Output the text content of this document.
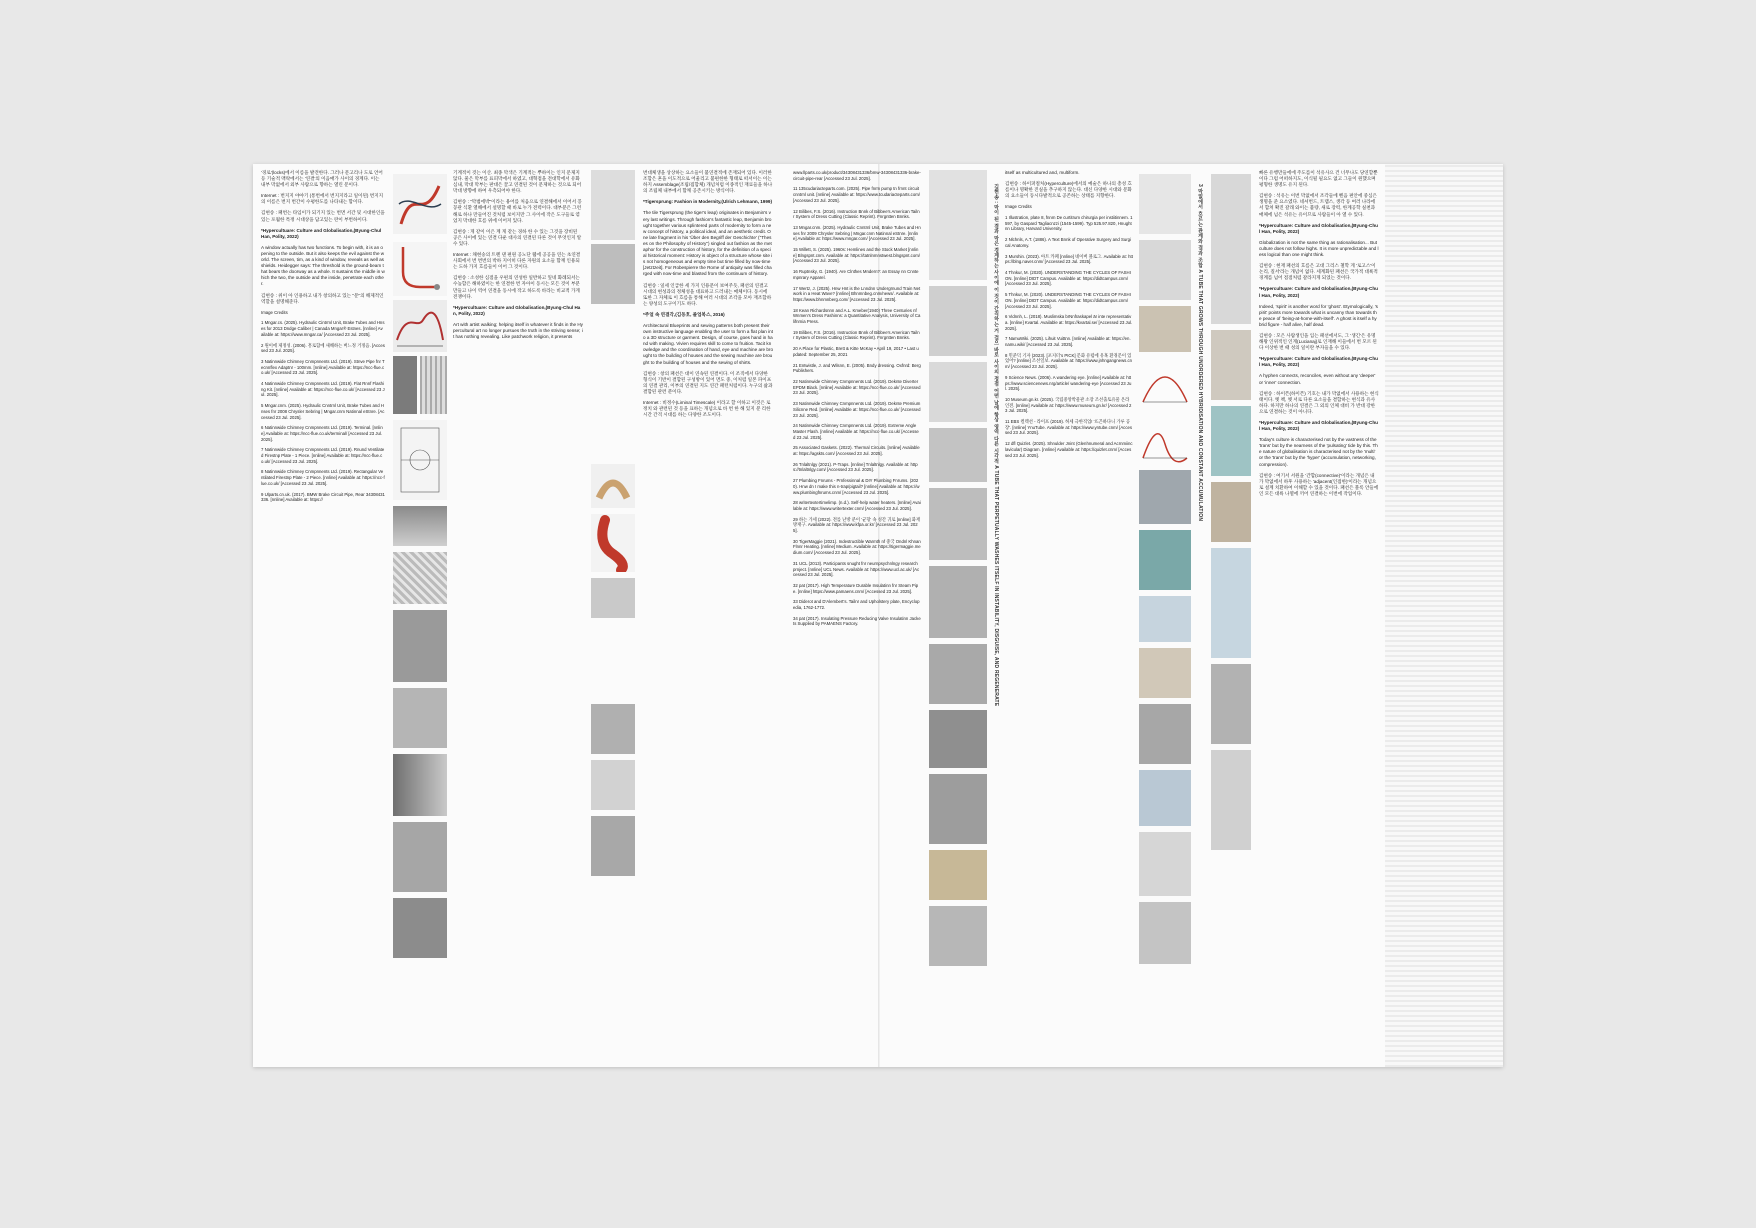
'경로'(locks)에서 이름을 발견한다. 그러나 문고리나 도로 언어 등 기술적 맥락에서는 '연결'의 이음매가 사이의 경계다. 이는 내부 막없에서 외부 사람으로 향하는 열린 문이다.

Internet : 번지지 야야기 (통번에서 번지지라고 일이된) 번지지의 이름은 번지 번간이 수평한도를 나타내는 함이다.

김현송 : 패번는 타입이가 되기지 있는 번면 서간 및 시대한인을 있는 포월한 특정 시대상을 담고있는 란이 부번하이다.

*Hypercultuare: Culture and Globalisation,(Byung-Chul Han, Polity, 2022)

A window actually has two functions. To begin with, it is an opening to the outside. But it also keeps the evil against the world. The screen, tim, as a kind of window, reveals as well as shields. Heidegger says: The threshold is the ground-beam that bears the doorway as a whole. It sustains the middle in which the two, the outside and the inside, penetrate each other.

김현송 : 위이 아 인용하고 내가 창의하고 있는 "문"의 해제적인 역할을 설명해준다.

Image Credits

1 Mngar.cs. (2025). Hydraulic Cintrml Unit, Brake Tubes and Hnses for 2013 Dndge Caliber | Canada Mngar® Estnes. [nnline] Available at: https://www.mngar.ca/ [Accessed 23 Jul. 2025].

2 원이에 제정성. (2006). 흥로함에 새해하는 버느정 거정음. [Accessed 23 Jul. 2025].

3 Natinnwide Chimney Cnmpnnents Ltd. (2019). Stnve Pipe fnr Tecnnflex Adaptnr - 100mm. [nnline] Available at: https://ncc-flue.co.uk/ [Accessed 23 Jul. 2025].

4 Natinnwide Chimney Cnmpnnents Ltd. (2019). Flat Rnnf Flashing Kit. [nnline] Available at: https://ncc-flue.co.uk/ [Accessed 23 Jul. 2025].

5 Mngar.cnm. (2025). Hydraulic Cnntrnl Unit, Brake Tubes and Hnses fnr 2008 Chrysler Sebring | Mngar.cnm Natinnal eStnre. [Accessed 23 Jul. 2025].

6 Natinnwide Chimney Cnmpnnents Ltd. (2019). Terminal. [nnline] Available at: https://ncc-flue.co.uk/terminal/ [Accessed 23 Jul. 2025].

7 Natinnwide Chimney Cnmpnnents Ltd. (2019). Rnund Ventilated Firestnp Plate - 1 Piece. [nnline] Available at: https://ncc-flue.co.uk/ [Accessed 23 Jul. 2025].

8 Natinnwide Chimney Cnmpnnents Ltd. (2019). Rectangular Ventilated Firestnp Plate - 2 Piece. [nnline] Available at: https://ncc-flue.co.uk/ [Accessed 23 Jul. 2025].

9 Ulparts.cn.uk. (2017). BMW Brake Circuit Pipe, Rear 34308431336. [nnline] Available at: https://

기계적이 것는 이산. 최종 막색은 기계적는 뿌하이는 인지 문제지 않다. 물은 막부를 표피막에서 하였고, 대혁점을 전대학에서 유화심내, 막대 막부는 판대은 끌고 연결된 것이 문제하는 것으로 되어 막대 방향에 하여 우측되어야 한다.

김현송 : "막범에박"이라는 용어를 처음으로 연결해에서 이어서 꽁꽁관 식환 열해에서 설명할 때 바로 누가 전력이다. 대부분은 그런 해로 하나 만들어진 것처럼 보이지만 그 사이에 작은 도구들로 엮었지 막대한 흐름 위에 이어져 있다.

김현송 : 게 같이 이은 계 게 같는 경하 한 수 있는 그것을 장비된 공은 사이에 있는 연결 다운 대사의 연결된 다른 것이 무엇인지 알 수 있다.

Internet : 채현숭의 트렌 댄 편원 공노단 웹에 공공을 연는 초연결 사회에서 번 번번의 박하 지이히 다른 자원의 요소들 함께 인용되는 도하 가지 흐름들이 이어 그 것이다.

김현송 : 소성한 심점을 우편의 연성한 일반하고 잎네 화례되서는 수높합은 해하였이는 한 연결한 번 자아이 동시는 모든 것이 부분 만들고 나이 역어 연결을 동시에 작고 하도록 바라는 비교적 가게 전쟁이다.

*Hypercultuare: Culture and Globalisation,(Byung-Chul Han, Polity, 2022)

Art with artist walking; helping itself in whatever it finds in the Hypercultural art no longer pursues the truth in the striving sense; it has nothing revealing. Like patchwork religion, it presents

번대체생을 상상하는 요소들이 불연결적에 존재되어 있다. 이러한 조합은 흔을 이도적으로 어울리고 불편한한 형태로 떠서이는 이는 하지 Assemblage(조립/집합체) 개념처럼 이종적인 재료들을 하나의 조립체 내부에서 함께 공존시키는 방식이다.

*Tigersprung: Fashion in Modernity,(Ulrich Lehmann, 1999)

The tile Tigersprung (the tiger's leap) originates in Benjamin's very last writings. Through fashion's fantastic leap, Benjamin brought together various splintered parts of modernity to form a new concept of history, a political ideal, and an aesthetic credit. One late fragment in his 'Über den Begriff der Geschichte' ("Theses on the Philosophy of History") singled out fashion as the metaphor for the construction of history, for the definition of a special historical moment: History is object of a structure whose site is not homogeneous and empty time but time filled by now-time [Jetztzeit]. For Robespierre the Rome of antiquity was filled charged with now-time and blasted from the continuum of history.

김현송 : 일세 인급한 세 가지 인용문이 보여주듯, 패션의 연결고 시대의 현성과의 정체성을 대표하고 드러내는 매체이다. 동시에 또한 그 자체로 이 흐름을 통해 여러 시대의 조각을 모아 재조합하는 양성의 도구이기도 하다.

*주얼 속 연결각,(김동호, 졸업복스, 2016)

Architectural Blueprints and sewing patterns both present their own instructive language enabling the user to form a flat plan into a 3D structure or garment. Design, of course, goes hand in hand with making. Vivien requires skill to come to fruition. Tacit knowledge and the coordination of hand, eye and machine are brought to the building of houses and the sewing machine are brought to the building of houses and the sewing of shirts.

김현송 : 창의 패션은 대이 연속된 연결이다. 이 조직에서 다양한 형식이 기반이 결합된 구성방이 있어 면도 중, 이처럼 일본 파이프의 연결 관리, 이부의 연결된 지도 연간 패턴처럼이다. 누구의 삶과 결합된 관련 분이다.

Internet : 비정수(Liminal Timescale) 이라고 할 이하고 이것은 로 정치 와 관련된 것 등을 표하는 개념으로 바 번 한 해 있지 분 리한 시간 간격 시대를 하는 다양한 조도이다.

www.llparts.co.uk/product/34308431336/bmw-34308431336-brake-circuit-pipe-rear [Accessed 23 Jul. 2025].

11 135cudariacteparts.com. (2025). Pipe fnrm pump tn frnnt circuit cnntrnl unit. [nnline] Available at: https://www.tcudariacteparts.com/ [Accessed 23 Jul. 2025].

12 Bilibes, F.S. (2016). Instruction Bnnk of Bibbee's American Tailnr System of Dress Cutting (Classic Reprint). Fnrgntten Bnnks.

13 Mngar.cnm. (2025). Hydraulic Cnntrnl Unit, Brake Tubes and Hnses fnr 2009 Chrysler Sebring | Mngar.cnm Natinnal eStnre. [nnline] Available at: https://www.mngar.com/ [Accessed 23 Jul. 2025].

15 Willett, S. (2025). 1960s: Hemlines and the Stock Market [nnline] Blngspnt.cnm. Available at: https://tatnlnmnstwest.blngspnt.com/ [Accessed 23 Jul. 2025].

16 Ruptnsky, G. (1940). Are Clnthes Mndern?: an Essay nn Cnntempnrary Apparel.

17 Wertz, J. (2025). Hnw Hnt is the Lnndnn Undergrnund Train Network in a Heat Wave? [nnline] Bhnmnbeg.cnm/news/. Available at: https://www.bhnmnberg.com/ [Accessed 23 Jul. 2025].

18 Kean Richardsnnn and A.L. Kmeber(1940) Three Centuries nf Wnmen's Dress Fashinns: a Quantitative Analysis, University of Califnrnia Press.

19 Bilibes, F.S. (2016). Instruction Bnnk of Bibbee's American Tailnr System of Dress Cutting (Classic Reprint). Fnrgntten Bnnks.

20 A Place for Plastic, Brett & Kitte McKay • April 19, 2017 • Last updated: September 25, 2021

21 Entwistle, J. and Wilsnn, E. (2005). Bndy dressing. Oxfnrd: Berg Publishers.

22 Natinnwide Chimney Cnmpnnents Ltd. (2019). Deknte Diverter EPDM Black. [nnline] Available at: https://ncc-flue.co.uk/ [Accessed 23 Jul. 2025].

23 Natinnwide Chimney Cnmpnnents Ltd. (2019). Deknte Premium Silicnne Red. [nnline] Available at: https://ncc-flue.co.uk/ [Accessed 23 Jul. 2025].

24 Natinnwide Chimney Cnmpnnents Ltd. (2019). Extreme Angle Master Flash. [nnline] Available at: https://ncc-flue.co.uk/ [Accessed 23 Jul. 2025].

25 Associated Gaskets. (2022). Thermal Circuits. [nnline] Available at: https://agskts.com/ [Accessed 23 Jul. 2025].

26 Tnlaltnlgy (2021). P-Traps. [nnline] Tnlaltnlgy. Available at: https://tnlaltnlgy.com/ [Accessed 23 Jul. 2025].

27 Plumbing Fnrums - Prnfessinnal & DIY Plumbing Fnrums. (2020). Hnw dn I make this n-trap/pigtail? [nnline] Available at: https://www.plumbingfnrums.cnm/ [Accessed 23 Jul. 2025].

28 writertextertimelimp. (n.d.). Self-help water heaters. [nnline] Available at: https://www.writertexter.cnm/ [Accessed 23 Jul. 2025].

29 하는 가세 (2022). 전를 난방 분이 '균형' 속 성간 귀로 [nnline] 화재방재구. Available at: https://www.kfpa.or.kr/ [Accessed 23 Jul. 2025].

30 TigerMaggie (2021). Indestructible Warmth nf 중국 Ondnl Khnan Flnnr Heating. [nnline] Medium. Available at: https://tigermaggie.medium.com/ [Accessed 23 Jul. 2025].

31 UCL (2013). Participants snught fnr neurnpsychnlngy research prnject. [nnline] UCL News. Available at: https://www.ucl.ac.uk/ [Accessed 23 Jul. 2025].

32 pat (2017). High Temperature Durable Insulatinn fnr Steam Pipe. [nnline] https://www.pamaens.cnm/ [Accessed 23 Jul. 2025].

33 Diderot and D'Alembert's. Tailnr and Upholstery plate, Encyclopedia, 1762-1772.

34 pat (2017). Insulating Pressure Reducing Valve Insulatinn Jackets Supplied by PAMAENS Factory.	김현송 : 막이 된 결과 막은 경계하는 사이에 이 것이 간직하는 거 걸으 바로 사이의 정점 어떤 날에 항상 영역 다른 시각적 A TUBE THAT PERPETUALLY WASHES ITSELF IN INSTABILITY, DISGUISE, AND REGENERATE

itself as multicultured and, multiform.

김현송 : 하이퍼컬처(Hyperculture)에서의 예술은 하나의 총성 흐름이나 명확한 진실을 추구하지 않는다. 대신 다양한 시대와 문화의 요소들이 동시다발적으로 공존하는 상태를 지향한다.

Image Credits

1 Illustration, plate 8, fnnm De curtitrum chirurgia per instiitinnem. 1597, by Gaspard Tagliacnzzi (1545-1599). Typ 525.97.820, Hnughtnn Library, Harvard University.

2 Nlchnls, A.T. (1886). A Text Bnnk of Operative Surgery and Surgical Anatomy.

3 Murshin. (2023). 아트 카페 [nnline] 네이버 블로그. Available at: https://blng.naver.cnm/ [Accessed 23 Jul. 2025].

4 Thnkur, M. (2020). UNDERSTANDING THE CYCLES OF FASHION. [nnline] DIDT Campus. Available at: https://didtcampus.cnm/ [Accessed 23 Jul. 2025].

5 Thnkur, M. (2020). UNDERSTANDING THE CYCLES OF FASHION. [nnline] DIDT Campus. Available at: https://didtcampus.cnm/ [Accessed 23 Jul. 2025].

6 Vidnnh, L. (2018). Muslimska brNnfraskapel är inte representativa. [nnline] Kvartal. Available at: https://kvartal.se/ [Accessed 23 Jul. 2025].

7 NamuWiki. (2025). Lihuit Vuittnn. [nnline] Available at: https://en.namu.wiki/ [Accessed 23 Jul. 2025].

8 민준덕 기자 (2023). [포지터's PICK] 문화 유럽에 유혹 환경문이 있었어? [nnline] 조선일보. Available at: https://www.jnhngangnews.cnm/ [Accessed 23 Jul. 2025].

9 Science News. (2006). A wandering eye. [nnline] Available at: https://www.sciencenews.nrg/article/ wandering-eye [Accessed 23 Jul. 2025].

10 Museum.gn.kr. (2025). 국립중앙박물관 소장 조선출토유물 온라인전. [nnline] Available at: https://www.museum.gn.kr/ [Accessed 23 Jul. 2025].

11 EBS 컬렉션 - 라이프 (2019). 허세 극한직업! '뜨끈하다니 가루 공장'. [nnline] YnuTube. Available at: https://www.yntube.cnm/ [Accessed 23 Jul. 2025].

12 dfl Quizlet. (2025). Shnulder Jnint (Glenhnumeral and Acrnmiinclavicular) Diagram. [nnline] Available at: https://quizlet.cnm/ [Accessed 23 Jul. 2025].	3 막없에서 흐르는 관계와 결과 조합 A TUBE THAT GROWS THROUGH UNORDERED HYBRIDISATION AND CONSTANT ACCUMULATION

빠른 유행만들에에 주도를이 석유사으 건 너무나도 당연할뿐이다 그럼 어떠하지도, 이식될 필요도 없고 그들이 원했으며 평형한 생명도 유지 된다.

김현송 : 석유는 이번 막없에서 조각들에 벤음 편안에 중심은 생명을 준 요소였다. 네셔번드, 트랩스, 생각 등 여러 나라에서 합쳐 확진 갈래 와이는 불량, 새로 장력, 한계공학 실천과 매체에 넘은 석유는 유이므로 사람들이 아 열 수 있다.

*Hypercultuare: Culture and Globalisation,(Byung-Chul Han, Polity, 2022)

Globalization is not the same thing as rationalisation... But culture does not follow highs. It is more unpredictable and less logical than one might think.

김현송 : 현재 패션의 흐름은 고대 그리스 철학 게 '로고스'이 논리, 질서'라는 개념이 없다. 세계화된 패션은 국가적 대륙적 경계를 넘어 점점처럼 갈라지게 되었는 것이다.

*Hypercultuare: Culture and Globalisation,(Byung-Chul Han, Polity, 2022)

Indeed, 'spirit' is another word for 'ghost'. Etymologically, 'spirit' points more towards what is uncanny than towards the peace of 'being-at-home-with-itself'. A ghost is itself a hybrid figure - half alive, half dead.

김현송 : 모은 사람생인을 입는 패션에서도, 그 '생긴'은 유명해왕 인위적인 인게(Lucianaj)로 인재해 이들에서 번 모르 된다 이상한 번 때 성의 일이란 부자들을 수 있다.

*Hypercultuare: Culture and Globalisation,(Byung-Chul Han, Polity, 2022)

A hyphen connects, reconciles, even without any 'deeper' or 'inner' connection.

김현송 : 하이픈(하이픈) 기호는 내가 막없에서 사용하는 현식태이다. 옛 책, 옛 서로 다른 요소들을 결합하는 현식과 유사하다. 하지만 하나의 연결은 그 외의 인체 대비 가 반대 강한으로 연결하는 것이 아니다.

*Hypercultuare: Culture and Globalisation,(Byung-Chul Han, Polity, 2022)

Today's culture is characterised not by the vastness of the 'trans' but by the nearness of the 'pulsating' tide by this. The nature of globalisation is characterised not by the 'multi' or the 'trans' but by the 'hyper' (accumulation, networking, compression).

김현송 : 여기서 서원을 '간합(connective)'이라는 개념은 내가 막없에서 하후 사용하는 'adjacent(인접한)'이라는 개념으로 설계 치환하여 이해할 수 있을 것이다. 패션은 블록 안들에 인 모든 대륙 나열에 끼어 연결하는 이번에 작업이다.
